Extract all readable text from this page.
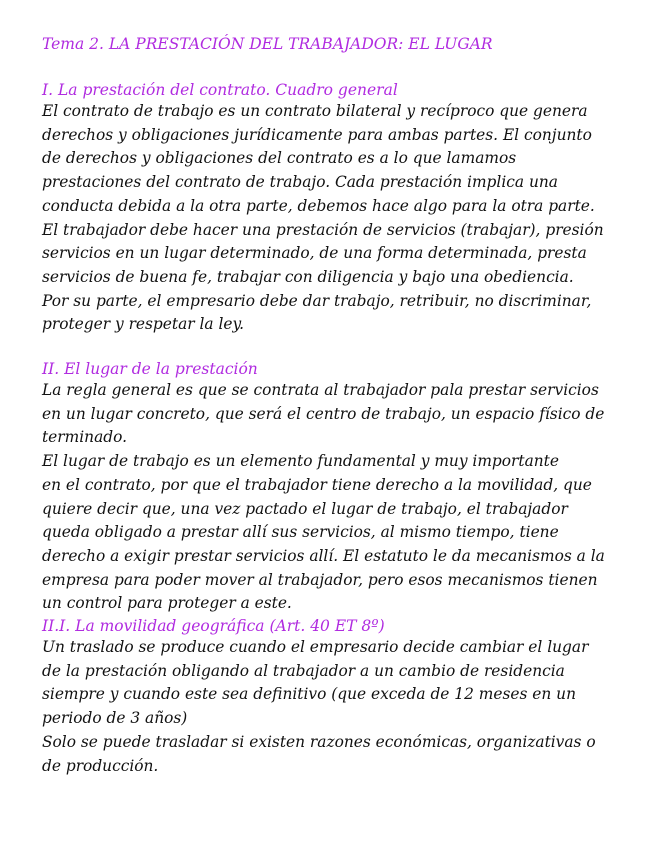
Tema 2. LA PRESTACIÓN DEL TRABAJADOR: EL LUGAR
I. La prestación del contrato. Cuadro general

El contrato de trabajo es un contrato bilateral y recíproco que genera

derechos y obligaciones jurídicamente para ambas partes. El conjunto

de derechos y obligaciones del contrato es a lo que lamamos

prestaciones del contrato de trabajo. Cada prestación implica una

conducta debida a la otra parte, debemos hace algo para la otra parte.

El trabajador debe hacer una prestación de servicios (trabajar), presión

servicios en un lugar determinado, de una forma determinada, presta

servicios de buena fe, trabajar con diligencia y bajo una obediencia.

Por su parte, el empresario debe dar trabajo, retribuir, no discriminar,

proteger y respetar la ley.

II. El lugar de la prestación

La regla general es que se contrata al trabajador pala prestar servicios

en un lugar concreto, que será el centro de trabajo, un espacio físico de

terminado.

El lugar de trabajo es un elemento fundamental y muy importante

en el contrato, por que el trabajador tiene derecho a la movilidad, que

quiere decir que, una vez pactado el lugar de trabajo, el trabajador

queda obligado a prestar allí sus servicios, al mismo tiempo, tiene

derecho a exigir prestar servicios allí. El estatuto le da mecanismos a la

empresa para poder mover al trabajador, pero esos mecanismos tienen

un control para proteger a este.

II.I. La movilidad geográfica (Art. 40 ET 8º)

Un traslado se produce cuando el empresario decide cambiar el lugar

de la prestación obligando al trabajador a un cambio de residencia

siempre y cuando este sea definitivo (que exceda de 12 meses en un

periodo de 3 años)

Solo se puede trasladar si existen razones económicas, organizativas o

de producción.
